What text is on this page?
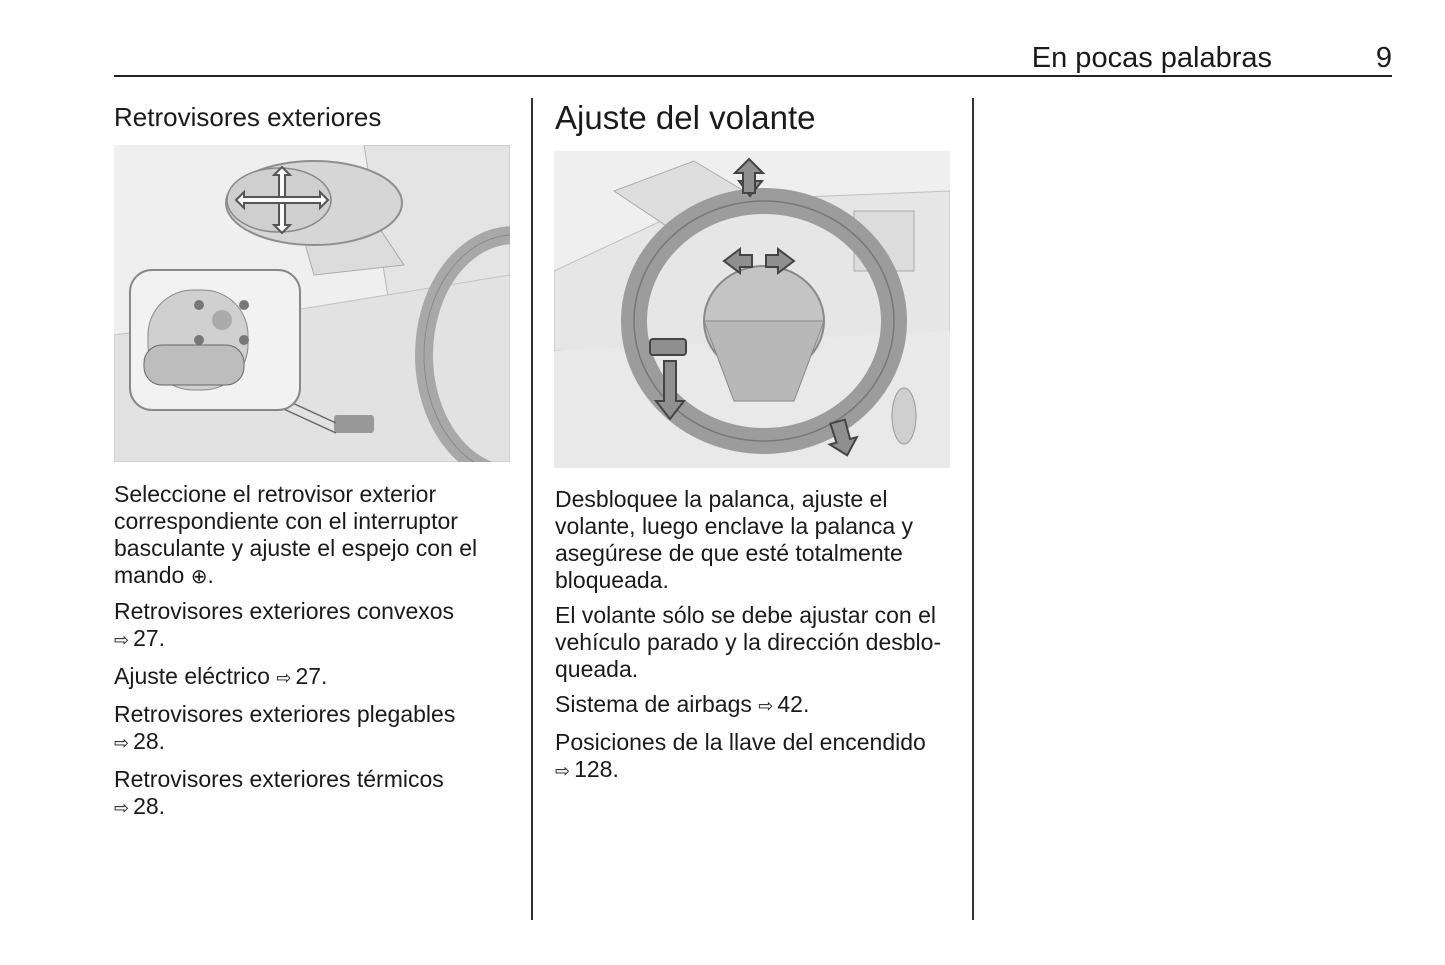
En pocas palabras	9
Retrovisores exteriores

Seleccione el retrovisor exterior correspondiente con el interruptor basculante y ajuste el espejo con el mando ⊕.

Retrovisores exteriores convexos
⇨ 27.

Ajuste eléctrico ⇨ 27.

Retrovisores exteriores plegables
⇨ 28.

Retrovisores exteriores térmicos
⇨ 28.

Ajuste del volante

Desbloquee la palanca, ajuste el volante, luego enclave la palanca y asegúrese de que esté totalmente bloqueada.

El volante sólo se debe ajustar con el vehículo parado y la dirección desblo-queada.

Sistema de airbags ⇨ 42.

Posiciones de la llave del encendido
⇨ 128.
